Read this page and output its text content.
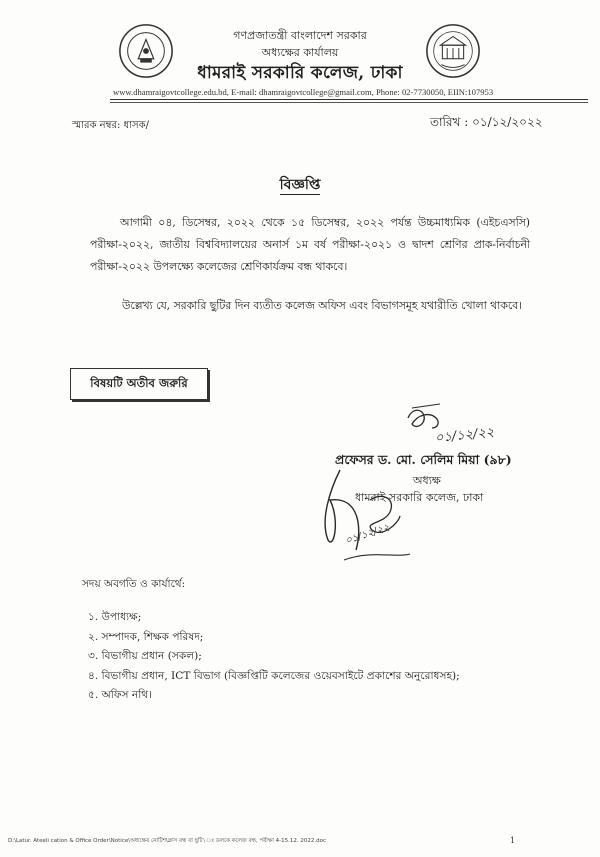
গণপ্রজাতন্ত্রী বাংলাদেশ সরকার
অধ্যক্ষের কার্যালয়
ধামরাই সরকারি কলেজ, ঢাকা
www.dhamraigovtcollege.edu.bd, E-mail: dhamraigovtcollege@gmail.com, Phone: 02-7730050, EIIN:107953
স্মারক নম্বর: ধাসক/	তারিখ : ০১/১২/২০২২
বিজ্ঞপ্তি
আগামী ০৪, ডিসেম্বর, ২০২২ থেকে ১৫ ডিসেম্বর, ২০২২ পর্যন্ত উচ্চমাধ্যমিক (এইচএসসি) পরীক্ষা-২০২২, জাতীয় বিশ্ববিদ্যালয়ের অনার্স ১ম বর্ষ পরীক্ষা-২০২১ ও দ্বাদশ শ্রেণির প্রাক-নির্বাচনী পরীক্ষা-২০২২ উপলক্ষ্যে কলেজের শ্রেণিকার্যক্রম বন্ধ থাকবে।
উল্লেখ্য যে, সরকারি ছুটির দিন ব্যতীত কলেজ অফিস এবং বিভাগসমূহ যথারীতি খোলা থাকবে।
বিষয়টি অতীব জরুরি
০১/১২/২২
০১/১২/২২
প্রফেসর ড. মো. সেলিম মিয়া (৯৮)
অধ্যক্ষ
ধামরাই সরকারি কলেজ, ঢাকা
সদয় অবগতি ও কার্যার্থে:
১. উপাধ্যক্ষ;
২. সম্পাদক, শিক্ষক পরিষদ;
৩. বিভাগীয় প্রধান (সকল);
৪. বিভাগীয় প্রধান, ICT বিভাগ (বিজ্ঞপ্তিটি কলেজের ওয়েবসাইটে প্রকাশের অনুরোধসহ);
৫. অফিস নথি।
D:\Latur. Ateeli cation & Office Order\Notice\অধ্যক্ষের নোটিশ\ক্লাস বন্ধ বা ছুটি\ঃ ডলকে কলেজ বন্ধ, পরীক্ষা 4-15.12. 2022.doc	1
